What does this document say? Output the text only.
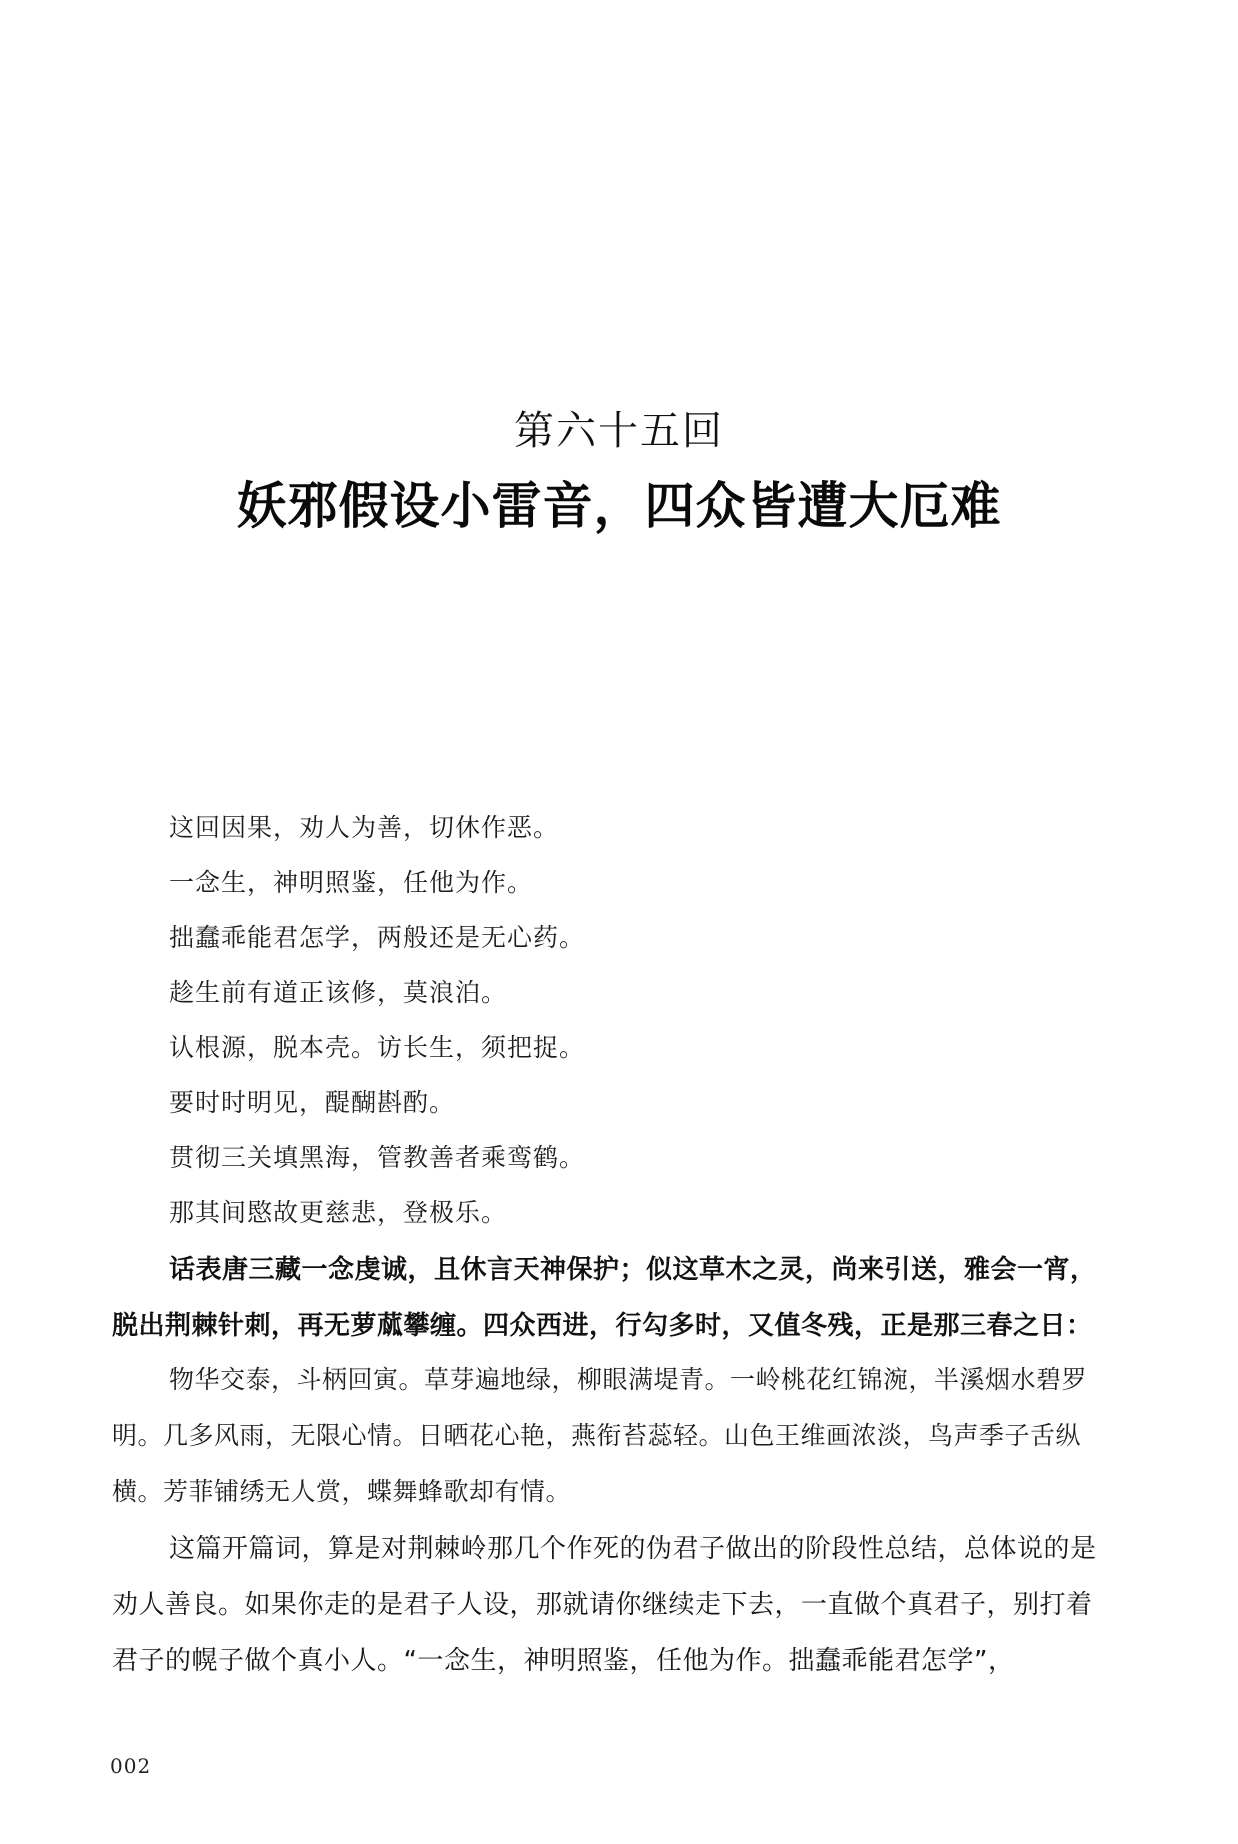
第六十五回
妖邪假设小雷音，四众皆遭大厄难
这回因果，劝人为善，切休作恶。
一念生，神明照鉴，任他为作。
拙蠢乖能君怎学，两般还是无心药。
趁生前有道正该修，莫浪泊。
认根源，脱本壳。访长生，须把捉。
要时时明见，醍醐斟酌。
贯彻三关填黑海，管教善者乘鸾鹤。
那其间愍故更慈悲，登极乐。
话表唐三藏一念虔诚，且休言天神保护；似这草木之灵，尚来引送，雅会一宵，脱出荆棘针刺，再无萝蓏攀缠。四众西进，行勾多时，又值冬残，正是那三春之日：
物华交泰，斗柄回寅。草芽遍地绿，柳眼满堤青。一岭桃花红锦涴，半溪烟水碧罗明。几多风雨，无限心情。日晒花心艳，燕衔苔蕊轻。山色王维画浓淡，鸟声季子舌纵横。芳菲铺绣无人赏，蝶舞蜂歌却有情。
这篇开篇词，算是对荆棘岭那几个作死的伪君子做出的阶段性总结，总体说的是劝人善良。如果你走的是君子人设，那就请你继续走下去，一直做个真君子，别打着君子的幌子做个真小人。“一念生，神明照鉴，任他为作。拙蠢乖能君怎学”，
002
